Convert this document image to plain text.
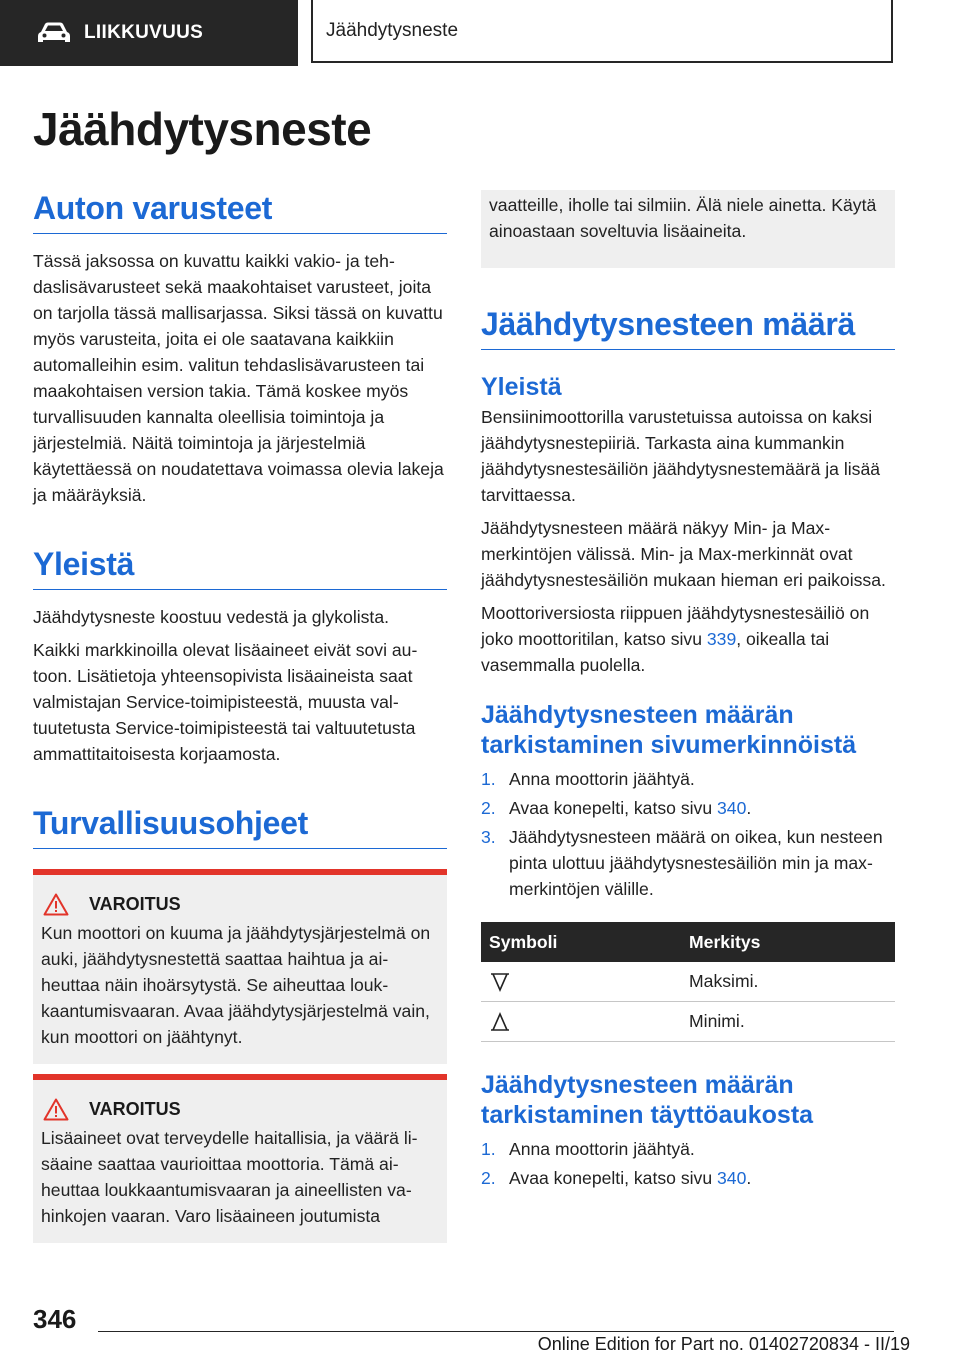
LIIKKUVUUS	Jäähdytysneste
Jäähdytysneste
Auton varusteet

Tässä jaksossa on kuvattu kaikki vakio- ja tehdaslisävarusteet sekä maakohtaiset varusteet, joita on tarjolla tässä mallisarjassa. Siksi tässä on kuvattu myös varusteita, joita ei ole saatavana kaikkiin automalleihin esim. valitun tehdaslisävarusteen tai maakohtaisen version takia. Tämä koskee myös turvallisuuden kannalta oleellisia toimintoja ja järjestelmiä. Näitä toimintoja ja järjestelmiä käytettäessä on noudatettava voimassa olevia lakeja ja määräyksiä.

Yleistä

Jäähdytysneste koostuu vedestä ja glykolista.

Kaikki markkinoilla olevat lisäaineet eivät sovi autoon. Lisätietoja yhteensopivista lisäaineista saat valmistajan Service-toimipisteestä, muusta valtuutetusta Service-toimipisteestä tai valtuutetusta ammattitaitoisesta korjaamosta.

Turvallisuusohjeet
VAROITUS

Kun moottori on kuuma ja jäähdytysjärjestelmä on auki, jäähdytysnestettä saattaa haihtua ja aiheuttaa näin ihoärsytystä. Se aiheuttaa loukkaantumisvaaran. Avaa jäähdytysjärjestelmä vain, kun moottori on jäähtynyt.

VAROITUS

Lisäaineet ovat terveydelle haitallisia, ja väärä lisäaine saattaa vaurioittaa moottoria. Tämä aiheuttaa loukkaantumisvaaran ja aineellisten vahinkojen vaaran. Varo lisäaineen joutumista

vaatteille, iholle tai silmiin. Älä niele ainetta. Käytä ainoastaan soveltuvia lisäaineita.

Jäähdytysnesteen määrä
Yleistä

Bensiinimoottorilla varustetuissa autoissa on kaksi jäähdytysnestepiiriä. Tarkasta aina kummankin jäähdytysnestesäiliön jäähdytysnestemäärä ja lisää tarvittaessa.

Jäähdytysnesteen määrä näkyy Min- ja Max-merkintöjen välissä. Min- ja Max-merkinnät ovat jäähdytysnestesäiliön mukaan hieman eri paikoissa.

Moottoriversiosta riippuen jäähdytysnestesäiliö on joko moottoritilan, katso sivu 339, oikealla tai vasemmalla puolella.

Jäähdytysnesteen määrän tarkistaminen sivumerkinnöistä
1. Anna moottorin jäähtyä.
2. Avaa konepelti, katso sivu 340.
3. Jäähdytysnesteen määrä on oikea, kun nesteen pinta ulottuu jäähdytysnestesäiliön min ja max-merkintöjen välille.
Symboli	Merkitys

	Maksimi.

	Minimi.
Jäähdytysnesteen määrän tarkistaminen täyttöaukosta
1. Anna moottorin jäähtyä.
2. Avaa konepelti, katso sivu 340.
346
Online Edition for Part no. 01402720834 - II/19
